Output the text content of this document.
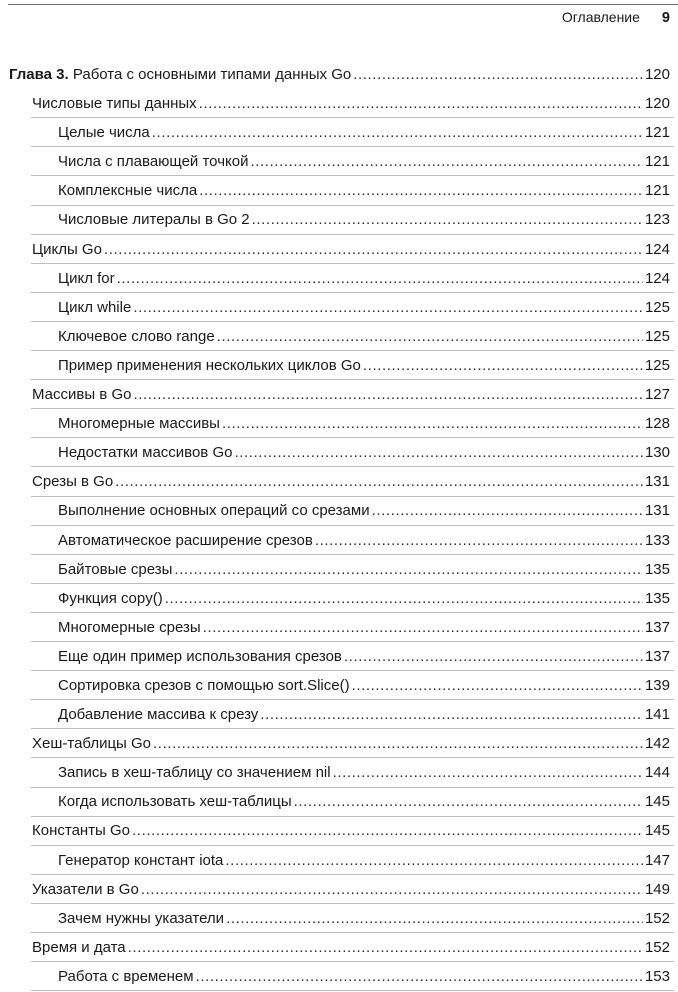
Оглавление 9
Глава 3. Работа с основными типами данных Go .....	120
Числовые типы данных .....	120
Целые числа .....	121
Числа с плавающей точкой .....	121
Комплексные числа .....	121
Числовые литералы в Go 2 .....	123
Циклы Go .....	124
Цикл for .....	124
Цикл while .....	125
Ключевое слово range .....	125
Пример применения нескольких циклов Go .....	125
Массивы в Go .....	127
Многомерные массивы .....	128
Недостатки массивов Go .....	130
Срезы в Go .....	131
Выполнение основных операций со срезами .....	131
Автоматическое расширение срезов .....	133
Байтовые срезы .....	135
Функция copy() .....	135
Многомерные срезы .....	137
Еще один пример использования срезов .....	137
Сортировка срезов с помощью sort.Slice() .....	139
Добавление массива к срезу .....	141
Хеш-таблицы Go .....	142
Запись в хеш-таблицу со значением nil .....	144
Когда использовать хеш-таблицы .....	145
Константы Go .....	145
Генератор констант iota .....	147
Указатели в Go .....	149
Зачем нужны указатели .....	152
Время и дата .....	152
Работа с временем .....	153
